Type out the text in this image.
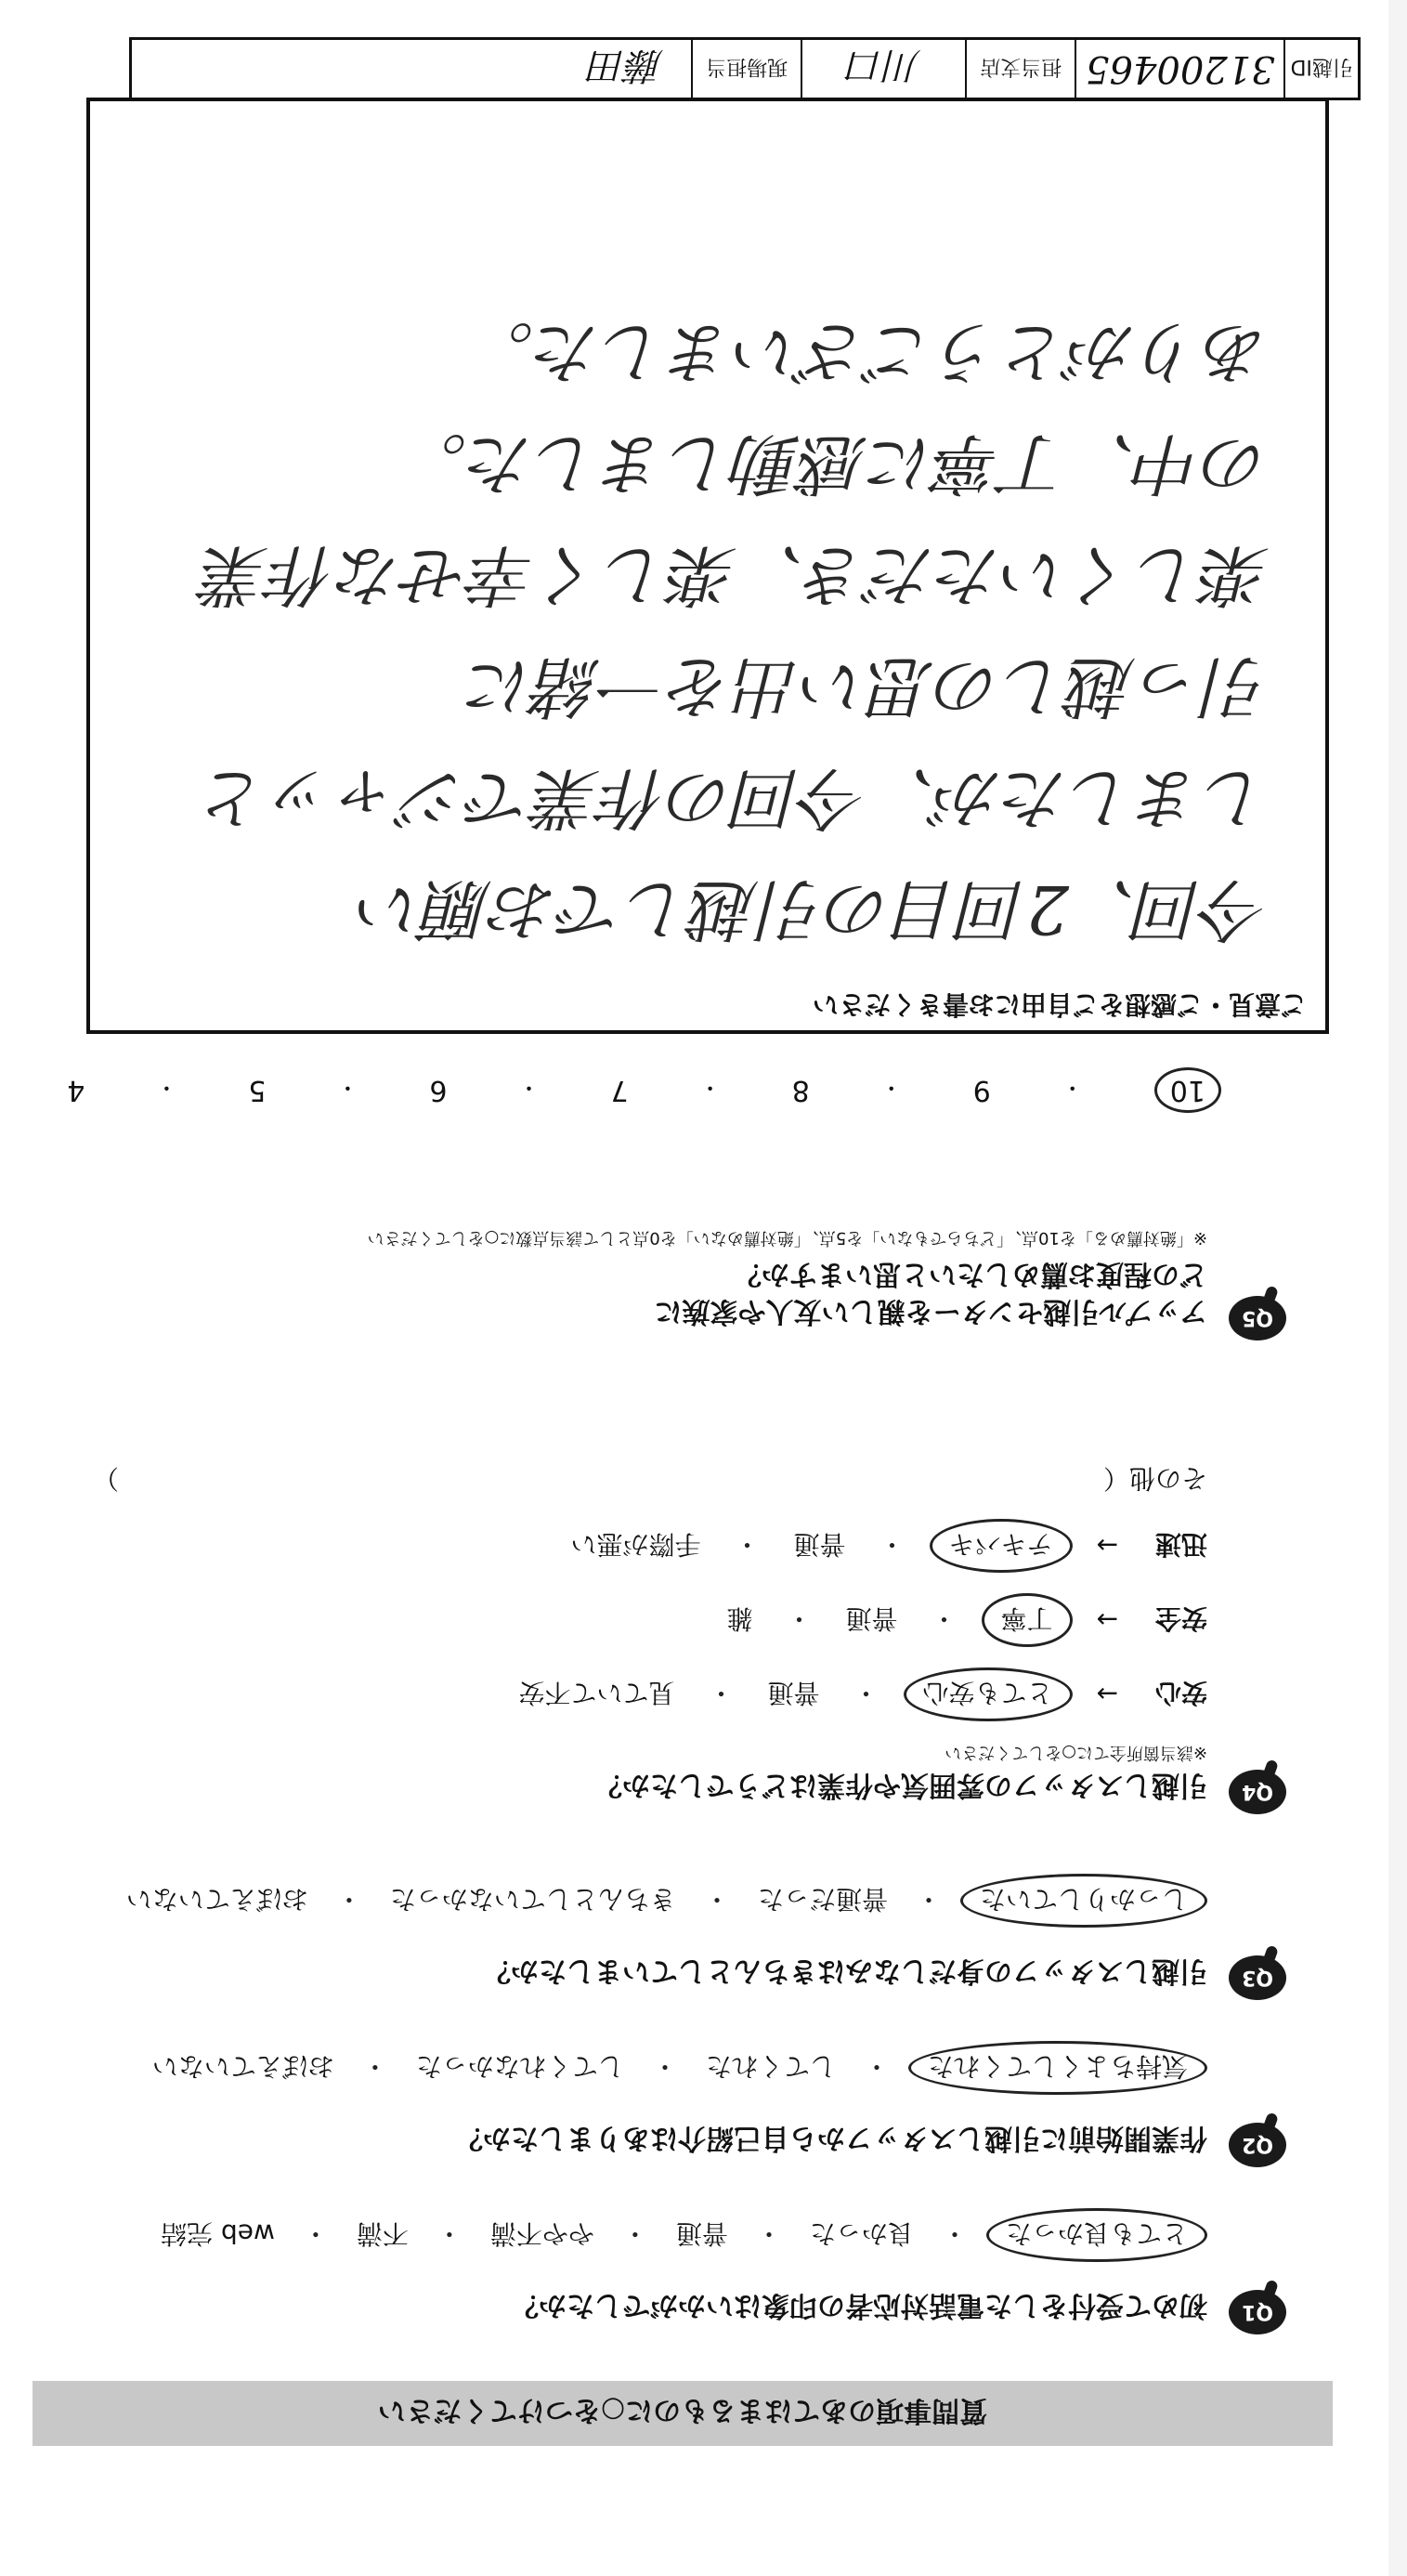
質問事項のあてはまるものに○をつけてください
Q1
初めて受付をした電話対応者の印象はいかがでしたか？
とても良かった
・
良かった
・
普通
・
やや不満
・
不満
・
web 完結
Q2
作業開始前に引越しスタッフから自己紹介はありましたか？
気持ちよくしてくれた
・
してくれた
・
してくれなかった
・
おぼえていない
Q3
引越しスタッフの身だしなみはきちんとしていましたか？
しっかりしていた
・
普通だった
・
きちんとしていなかった
・
おぼえていない
Q4
引越しスタッフの雰囲気や作業はどうでしたか？
※該当箇所全てに○をしてください
安心
→
とても安心
・
普通
・
見ていて不安
安全
→
丁寧
・
普通
・
雑
迅速
→
テキパキ
・
普通
・
手際が悪い
その他（
）
Q5
アップル引越センターを親しい友人や家族に
どの程度お薦めしたいと思いますか？
※「絶対薦める」を10点、「どちらでもない」を5点、「絶対薦めない」を0点として該当点数に○をしてください
10
・
9
・
8
・
7
・
6
・
5
・
4
ご意見・ご感想をご自由にお書きください
今回、2回目の引越しでお願い
しましたが、今回の作業でジャッと
引っ越しの思い出を一緒に
楽しくいただき、楽しく幸せな作業
の中、丁寧に感動しました。
ありがとうございました。
引越ID
31200465
担当支店
川口
現場担当
藤田
